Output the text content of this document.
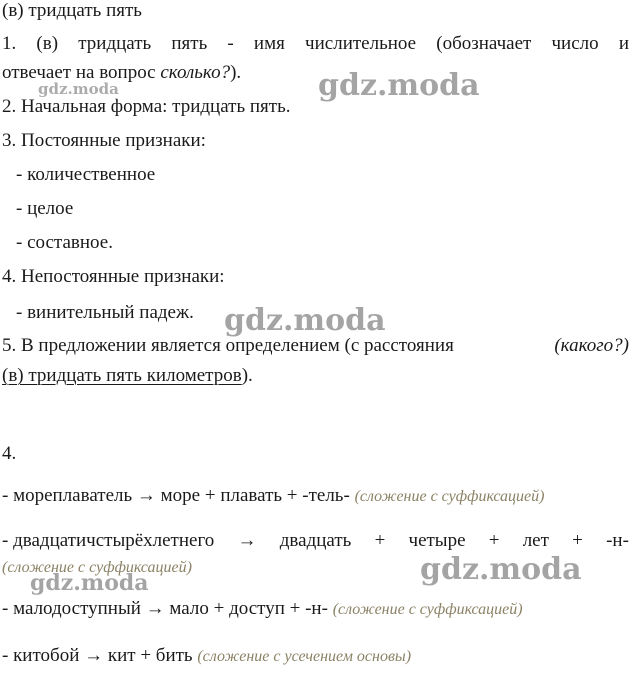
(в) тридцать пять
1. (в) тридцать пять - имя числительное (обозначает число и
отвечает на вопрос сколько?).
2. Начальная форма: тридцать пять.
3. Постоянные признаки:
- количественное
- целое
- составное.
4. Непостоянные признаки:
- винительный падеж.
5. В предложении является определением (с расстояния	(какого?)
(в) тридцать пять километров).
4.
- мореплаватель → море + плавать + -тель- (сложение с суффиксацией)
- двадцатичстырёхлетнего → двадцать + четыре + лет + -н-
(сложение с суффиксацией)
- малодоступный → мало + доступ + -н- (сложение с суффиксацией)
- китобой → кит + бить (сложение с усечением основы)
gdz.moda	gdz.moda
gdz.moda
gdz.moda
gdz.moda
